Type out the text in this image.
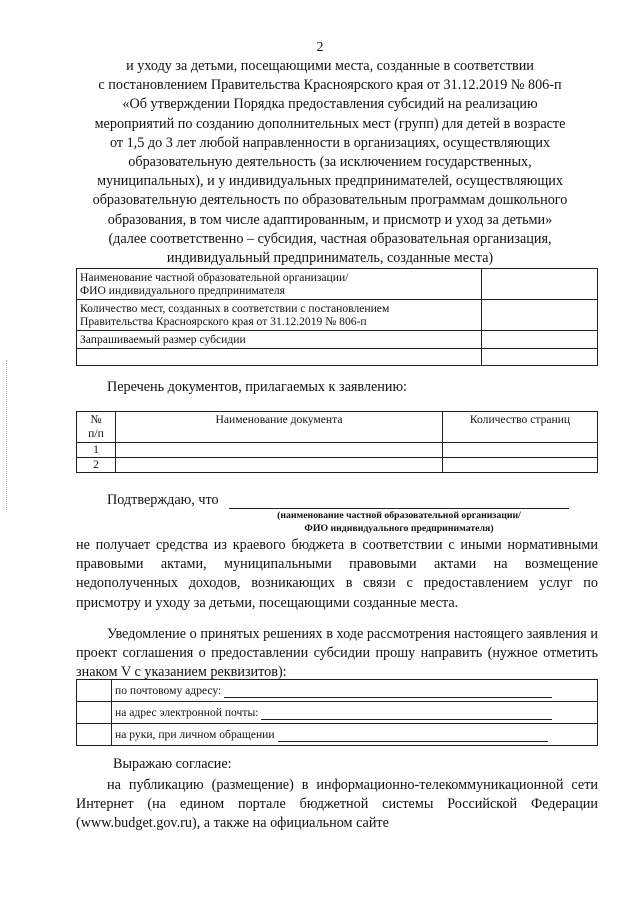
2
и уходу за детьми, посещающими места, созданные в соответствии
с постановлением Правительства Красноярского края от 31.12.2019 № 806-п
«Об утверждении Порядка предоставления субсидий на реализацию
мероприятий по созданию дополнительных мест (групп) для детей в возрасте
от 1,5 до 3 лет любой направленности в организациях, осуществляющих
образовательную деятельность (за исключением государственных,
муниципальных), и у индивидуальных предпринимателей, осуществляющих
образовательную деятельность по образовательным программам дошкольного
образования, в том числе адаптированным, и присмотр и уход за детьми»
(далее соответственно – субсидия, частная образовательная организация,
индивидуальный предприниматель, созданные места)
Наименование частной образовательной организации/
ФИО индивидуального предпринимателя	

Количество мест, созданных в соответствии с постановлением
Правительства Красноярского края от 31.12.2019 № 806-п	

Запрашиваемый размер субсидии	

Перечень документов, прилагаемых к заявлению:
№
п/п	Наименование документа	Количество страниц
1		
2		
Подтверждаю, что
(наименование частной образовательной организации/
ФИО индивидуального предпринимателя)
не получает средства из краевого бюджета в соответствии с иными нормативными правовыми актами, муниципальными правовыми актами на возмещение недополученных доходов, возникающих в связи с предоставлением услуг по присмотру и уходу за детьми, посещающими созданные места.
Уведомление о принятых решениях в ходе рассмотрения настоящего заявления и проект соглашения о предоставлении субсидии прошу направить (нужное отметить знаком V с указанием реквизитов):
	по почтовому адресу:
	на адрес электронной почты:
	на руки, при личном обращении
Выражаю согласие:
на публикацию (размещение) в информационно-телекоммуникационной сети Интернет (на едином портале бюджетной системы Российской Федерации (www.budget.gov.ru), а также на официальном сайте
